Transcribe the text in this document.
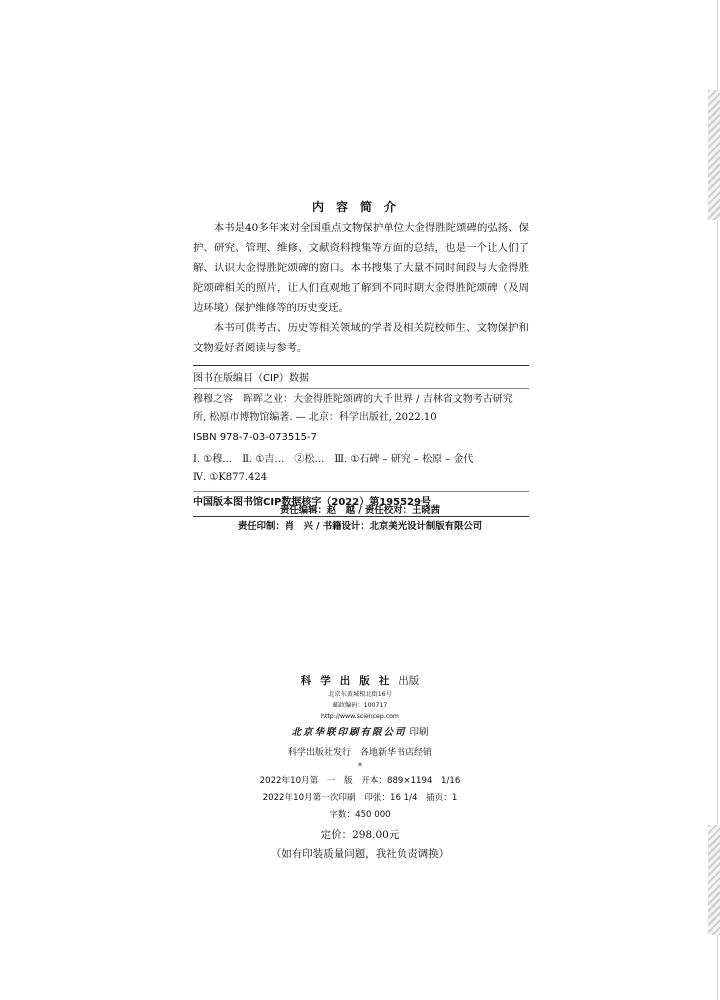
内容简介

本书是40多年来对全国重点文物保护单位大金得胜陀颂碑的弘扬、保护、研究、管理、维修、文献资料搜集等方面的总结，也是一个让人们了解、认识大金得胜陀颂碑的窗口。本书搜集了大量不同时间段与大金得胜陀颂碑相关的照片，让人们直观地了解到不同时期大金得胜陀颂碑（及周边环境）保护维修等的历史变迁。

本书可供考古、历史等相关领域的学者及相关院校师生、文物保护和文物爱好者阅读与参考。

图书在版编目（CIP）数据
穆穆之容　晖晖之业：大金得胜陀颂碑的大千世界 / 吉林省文物考古研究
所, 松原市博物馆编著. — 北京：科学出版社, 2022.10
ISBN 978-7-03-073515-7
Ⅰ. ①穆…　Ⅱ. ①吉…　②松…　Ⅲ. ①石碑 – 研究 – 松原 – 金代
Ⅳ. ①K877.424
中国版本图书馆CIP数据核字（2022）第195529号
责任编辑：赵　越 / 责任校对：王晓茜
责任印制：肖　兴 / 书籍设计：北京美光设计制版有限公司
科学出版社出版
北京东黄城根北街16号
邮政编码：100717
http://www.sciencep.com
北京华联印刷有限公司 印刷
科学出版社发行　各地新华书店经销
*
2022年10月第　一　版　开本：889×1194　1/16
2022年10月第一次印刷　印张：16 1/4　插页：1
字数：450 000
定价：298.00元
（如有印装质量问题，我社负责调换）
